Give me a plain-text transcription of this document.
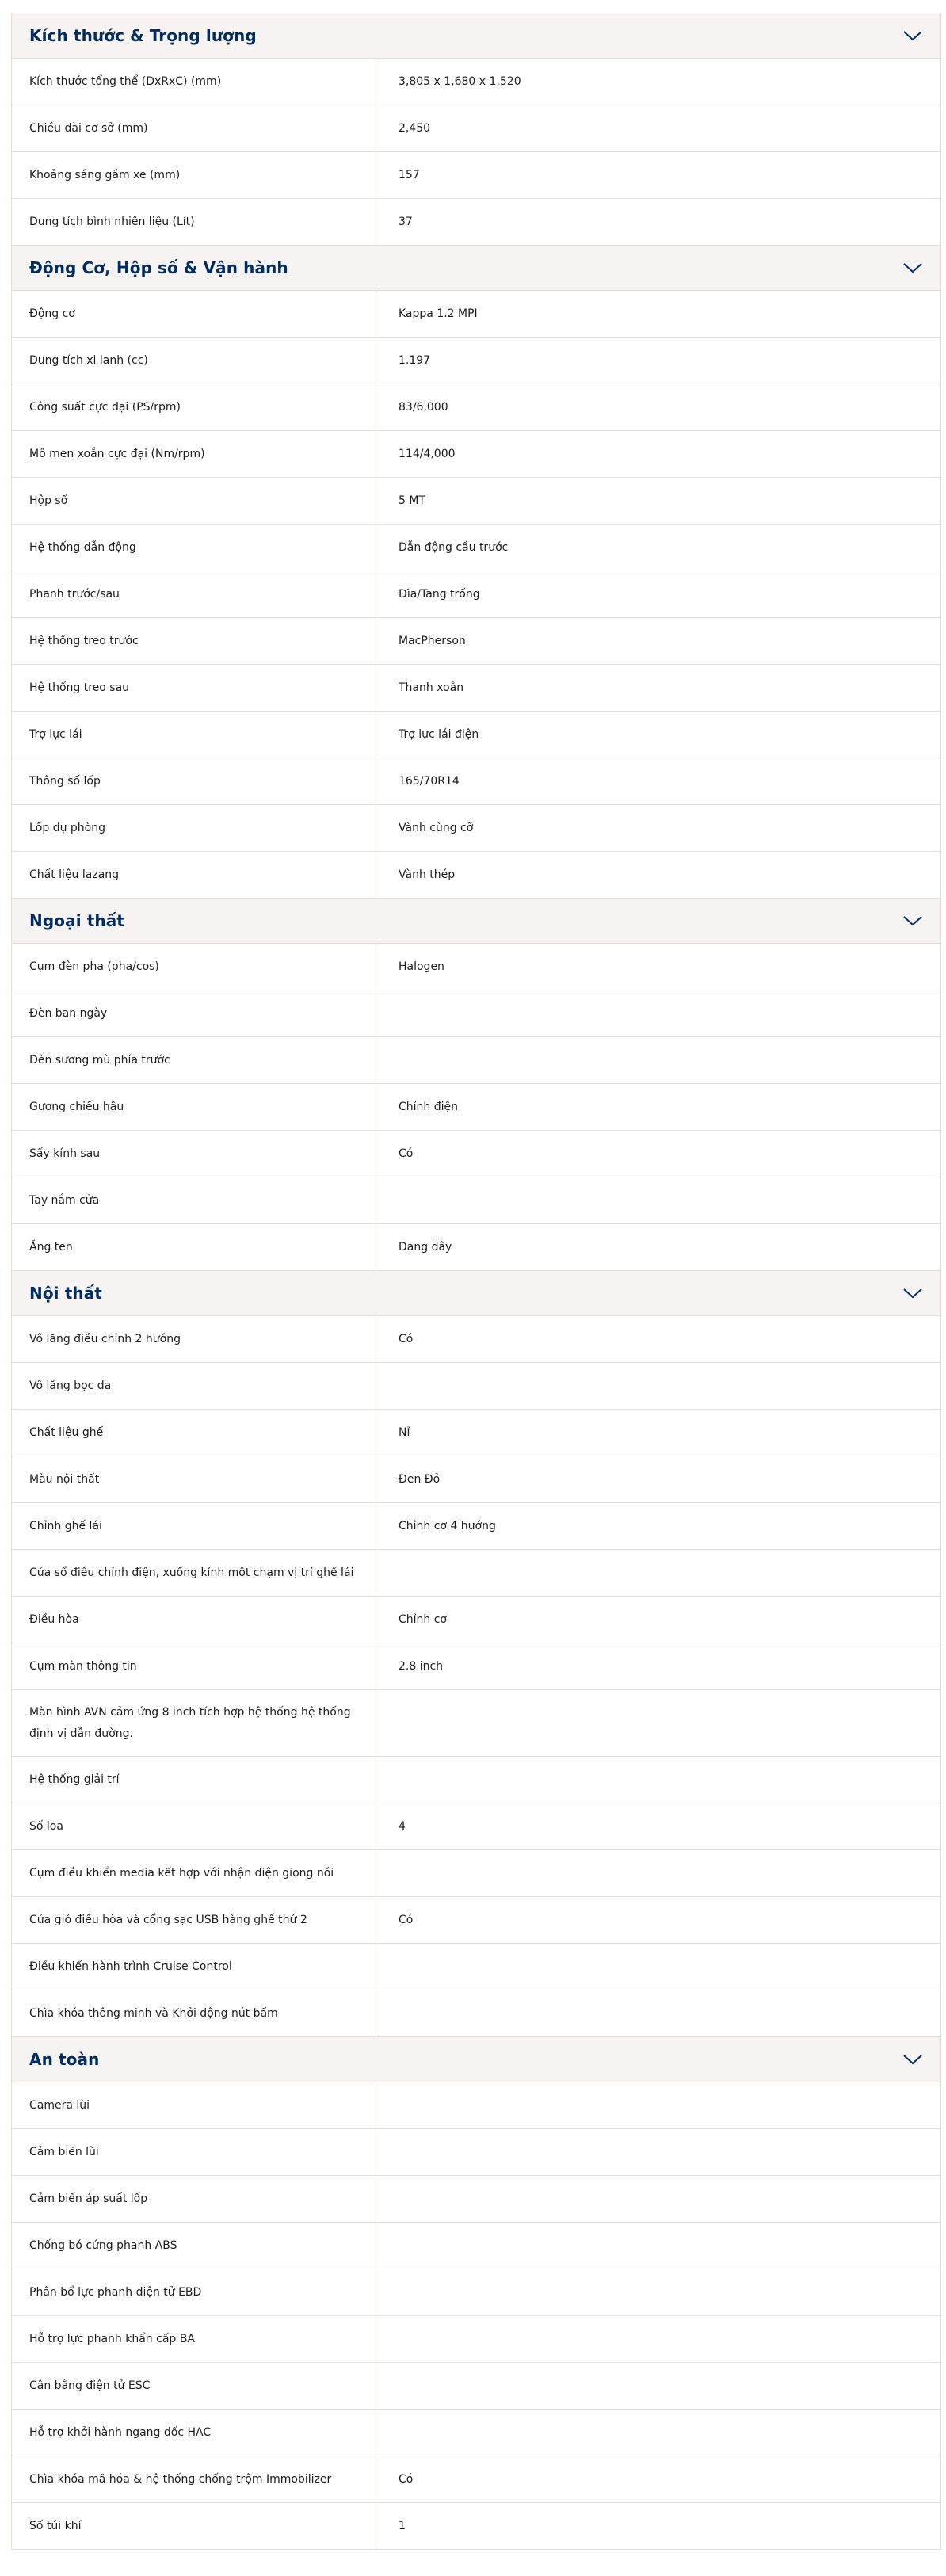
Kích thước & Trọng lượng
Kích thước tổng thể (DxRxC) (mm)	3,805 x 1,680 x 1,520
Chiều dài cơ sở (mm)	2,450
Khoảng sáng gầm xe (mm)	157
Dung tích bình nhiên liệu (Lít)	37
Động Cơ, Hộp số & Vận hành
Động cơ	Kappa 1.2 MPI
Dung tích xi lanh (cc)	1.197
Công suất cực đại (PS/rpm)	83/6,000
Mô men xoắn cực đại (Nm/rpm)	114/4,000
Hộp số	5 MT
Hệ thống dẫn động	Dẫn động cầu trước
Phanh trước/sau	Đĩa/Tang trống
Hệ thống treo trước	MacPherson
Hệ thống treo sau	Thanh xoắn
Trợ lực lái	Trợ lực lái điện
Thông số lốp	165/70R14
Lốp dự phòng	Vành cùng cỡ
Chất liệu lazang	Vành thép
Ngoại thất
Cụm đèn pha (pha/cos)	Halogen
Đèn ban ngày
Đèn sương mù phía trước
Gương chiếu hậu	Chỉnh điện
Sấy kính sau	Có
Tay nắm cửa
Ăng ten	Dạng dây
Nội thất
Vô lăng điều chỉnh 2 hướng	Có
Vô lăng bọc da
Chất liệu ghế	Nỉ
Màu nội thất	Đen Đỏ
Chỉnh ghế lái	Chỉnh cơ 4 hướng
Cửa sổ điều chỉnh điện, xuống kính một chạm vị trí ghế lái
Điều hòa	Chỉnh cơ
Cụm màn thông tin	2.8 inch
Màn hình AVN cảm ứng 8 inch tích hợp hệ thống hệ thống định vị dẫn đường.
Hệ thống giải trí
Số loa	4
Cụm điều khiển media kết hợp với nhận diện giọng nói
Cửa gió điều hòa và cổng sạc USB hàng ghế thứ 2	Có
Điều khiển hành trình Cruise Control
Chìa khóa thông minh và Khởi động nút bấm
An toàn
Camera lùi
Cảm biến lùi
Cảm biến áp suất lốp
Chống bó cứng phanh ABS
Phân bổ lực phanh điện tử EBD
Hỗ trợ lực phanh khẩn cấp BA
Cân bằng điện tử ESC
Hỗ trợ khởi hành ngang dốc HAC
Chìa khóa mã hóa & hệ thống chống trộm Immobilizer	Có
Số túi khí	1
